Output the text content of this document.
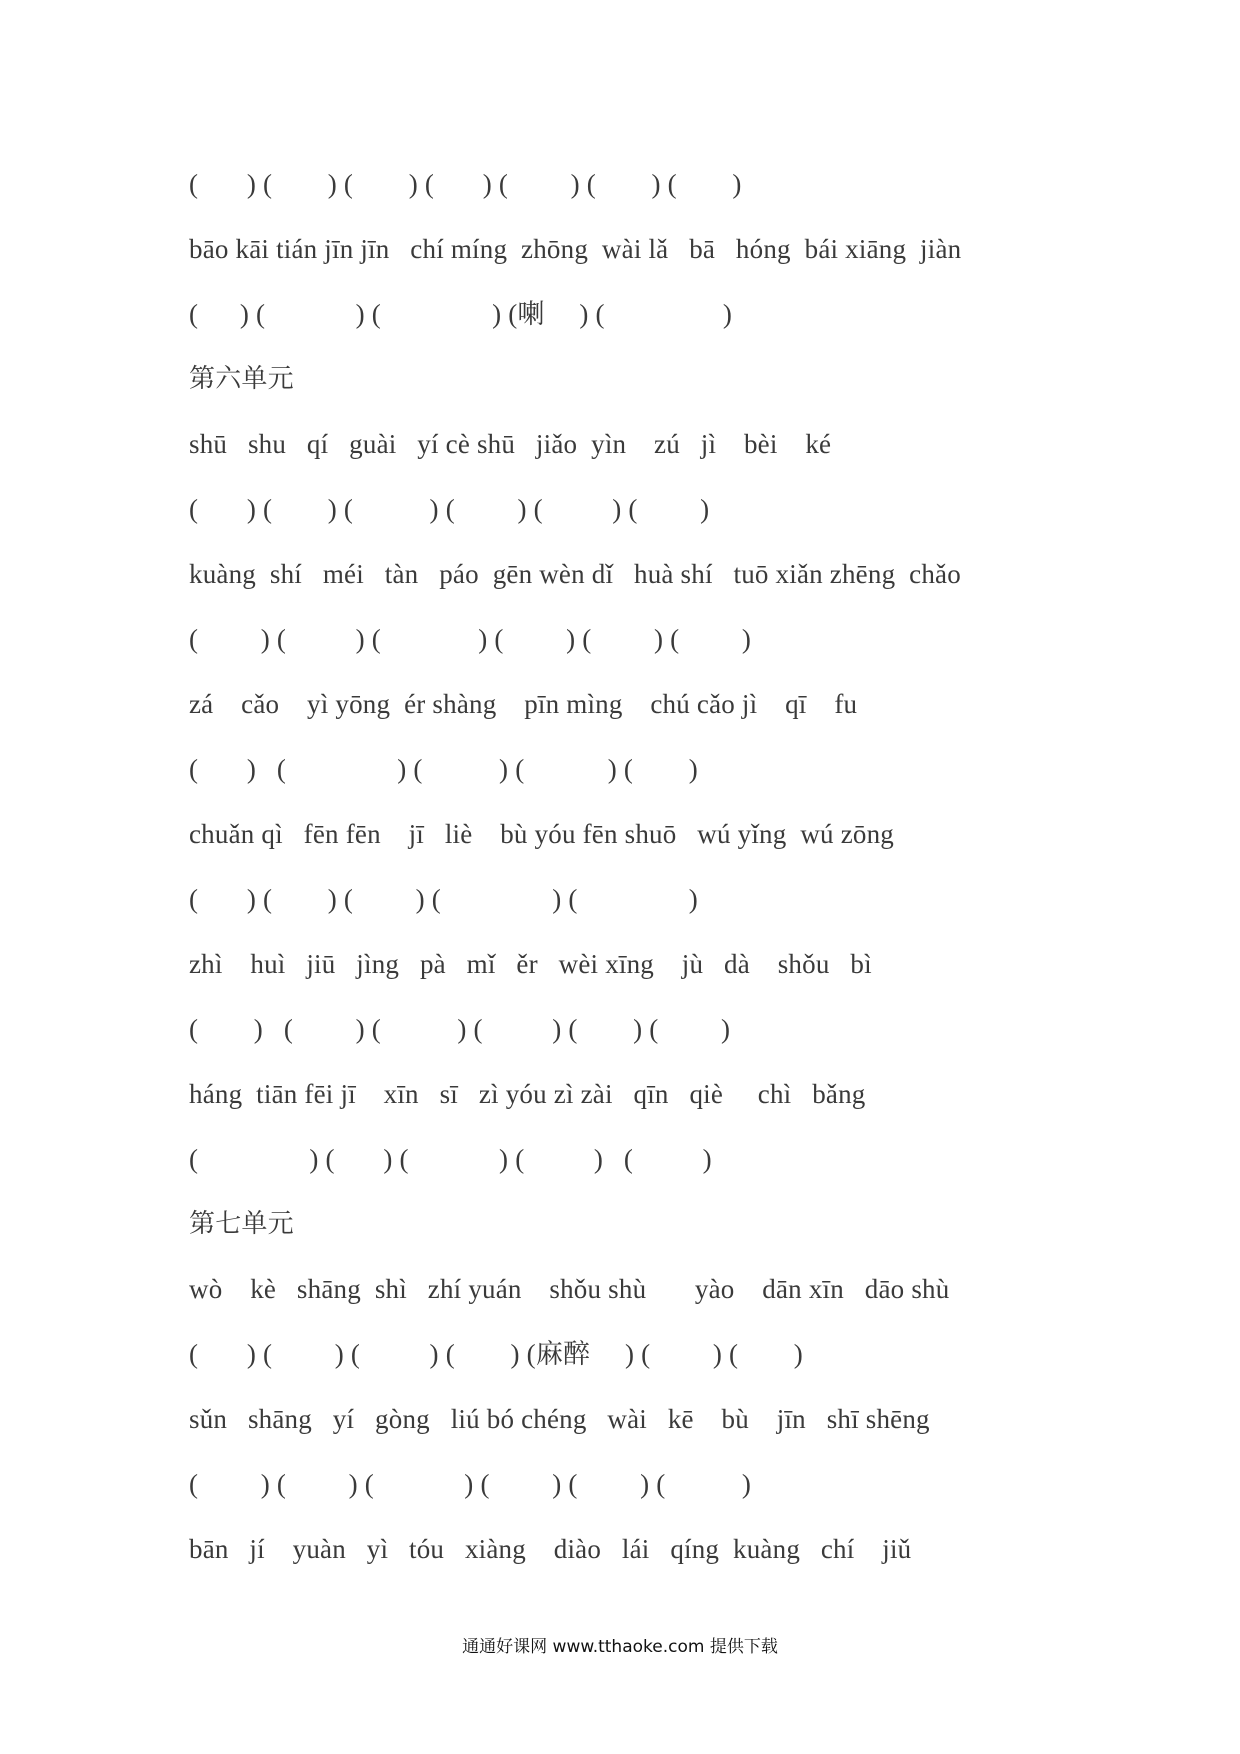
(       ) (        ) (        ) (       ) (         ) (        ) (        )
bāo kāi tián jīn jīn   chí míng  zhōng  wài lǎ   bā   hóng  bái xiāng  jiàn
(      ) (             ) (                ) (喇     ) (                 )
第六单元
shū   shu   qí   guài   yí cè shū   jiǎo  yìn    zú   jì    bèi    ké
(       ) (        ) (           ) (         ) (          ) (         )
kuàng  shí   méi   tàn   páo  gēn wèn dǐ   huà shí   tuō xiǎn zhēng  chǎo
(         ) (          ) (              ) (         ) (         ) (         )
zá    cǎo    yì yōng  ér shàng    pīn mìng    chú cǎo jì    qī    fu
(       )   (                ) (           ) (            ) (        )
chuǎn qì   fēn fēn    jī   liè    bù yóu fēn shuō   wú yǐng  wú zōng
(       ) (        ) (         ) (                ) (                )
zhì    huì   jiū   jìng   pà   mǐ   ěr   wèi xīng    jù   dà    shǒu   bì
(        )   (         ) (           ) (          ) (        ) (         )
háng  tiān fēi jī    xīn   sī   zì yóu zì zài   qīn   qiè     chì   bǎng
(                ) (       ) (             ) (          )   (          )
第七单元
wò    kè   shāng  shì   zhí yuán    shǒu shù       yào    dān xīn   dāo shù
(       ) (         ) (          ) (        ) (麻醉     ) (         ) (        )
sǔn   shāng   yí   gòng   liú bó chéng   wài   kē    bù    jīn   shī shēng
(         ) (         ) (             ) (         ) (         ) (           )
bān   jí    yuàn   yì   tóu   xiàng    diào   lái   qíng  kuàng   chí    jiǔ
通通好课网 www.tthaoke.com 提供下载
